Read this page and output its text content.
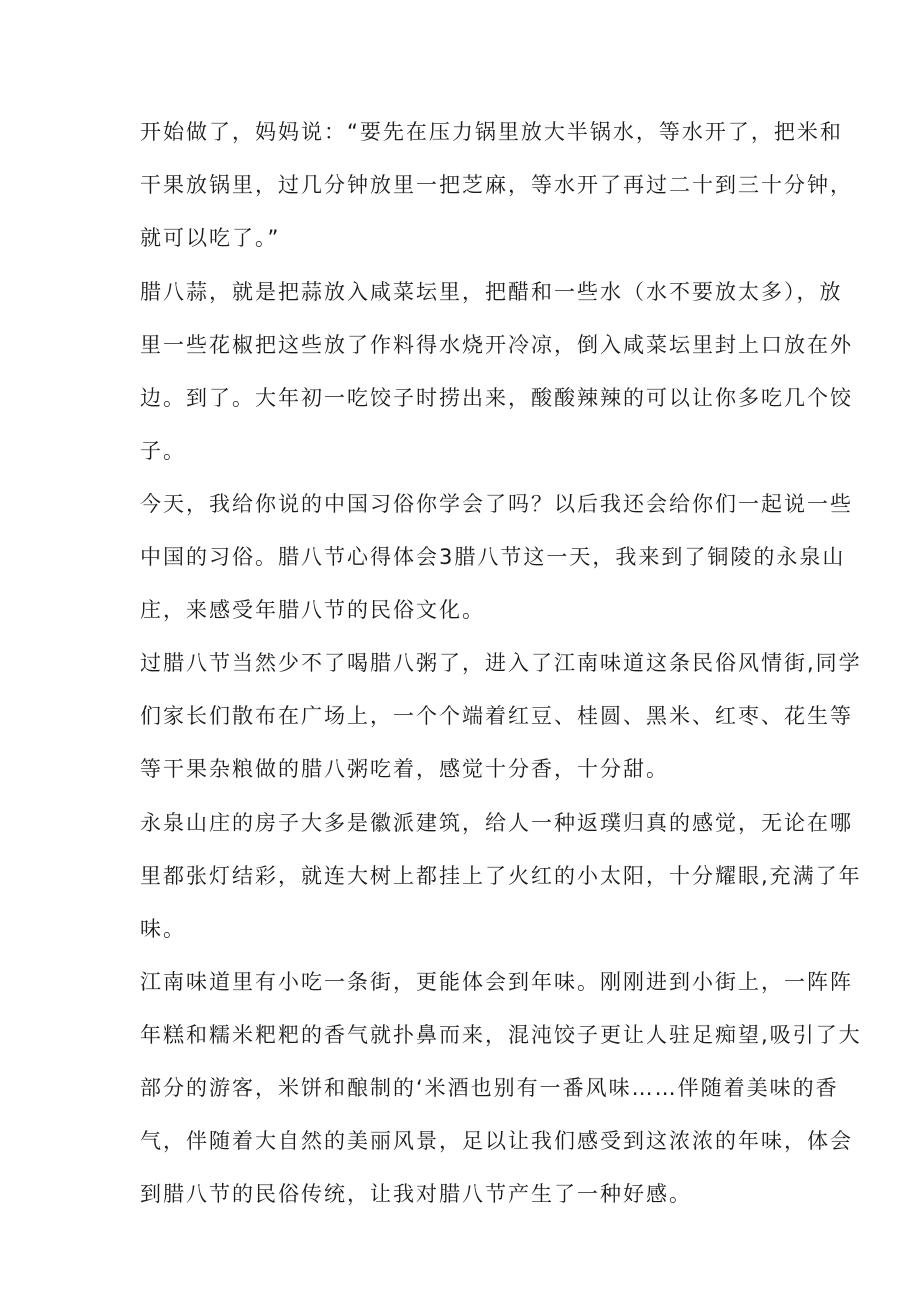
开始做了，妈妈说：“要先在压力锅里放大半锅水，等水开了，把米和
干果放锅里，过几分钟放里一把芝麻，等水开了再过二十到三十分钟，
就可以吃了。”
腊八蒜，就是把蒜放入咸菜坛里，把醋和一些水（水不要放太多），放
里一些花椒把这些放了作料得水烧开冷凉，倒入咸菜坛里封上口放在外
边。到了。大年初一吃饺子时捞出来，酸酸辣辣的可以让你多吃几个饺
子。
今天，我给你说的中国习俗你学会了吗？以后我还会给你们一起说一些
中国的习俗。腊八节心得体会3腊八节这一天，我来到了铜陵的永泉山
庄，来感受年腊八节的民俗文化。
过腊八节当然少不了喝腊八粥了，进入了江南味道这条民俗风情街,同学
们家长们散布在广场上，一个个端着红豆、桂圆、黑米、红枣、花生等
等干果杂粮做的腊八粥吃着，感觉十分香，十分甜。
永泉山庄的房子大多是徽派建筑，给人一种返璞归真的感觉，无论在哪
里都张灯结彩，就连大树上都挂上了火红的小太阳，十分耀眼,充满了年
味。
江南味道里有小吃一条街，更能体会到年味。刚刚进到小街上，一阵阵
年糕和糯米粑粑的香气就扑鼻而来，混沌饺子更让人驻足痴望,吸引了大
部分的游客，米饼和酿制的‘米酒也别有一番风味……伴随着美味的香
气，伴随着大自然的美丽风景，足以让我们感受到这浓浓的年味，体会
到腊八节的民俗传统，让我对腊八节产生了一种好感。
